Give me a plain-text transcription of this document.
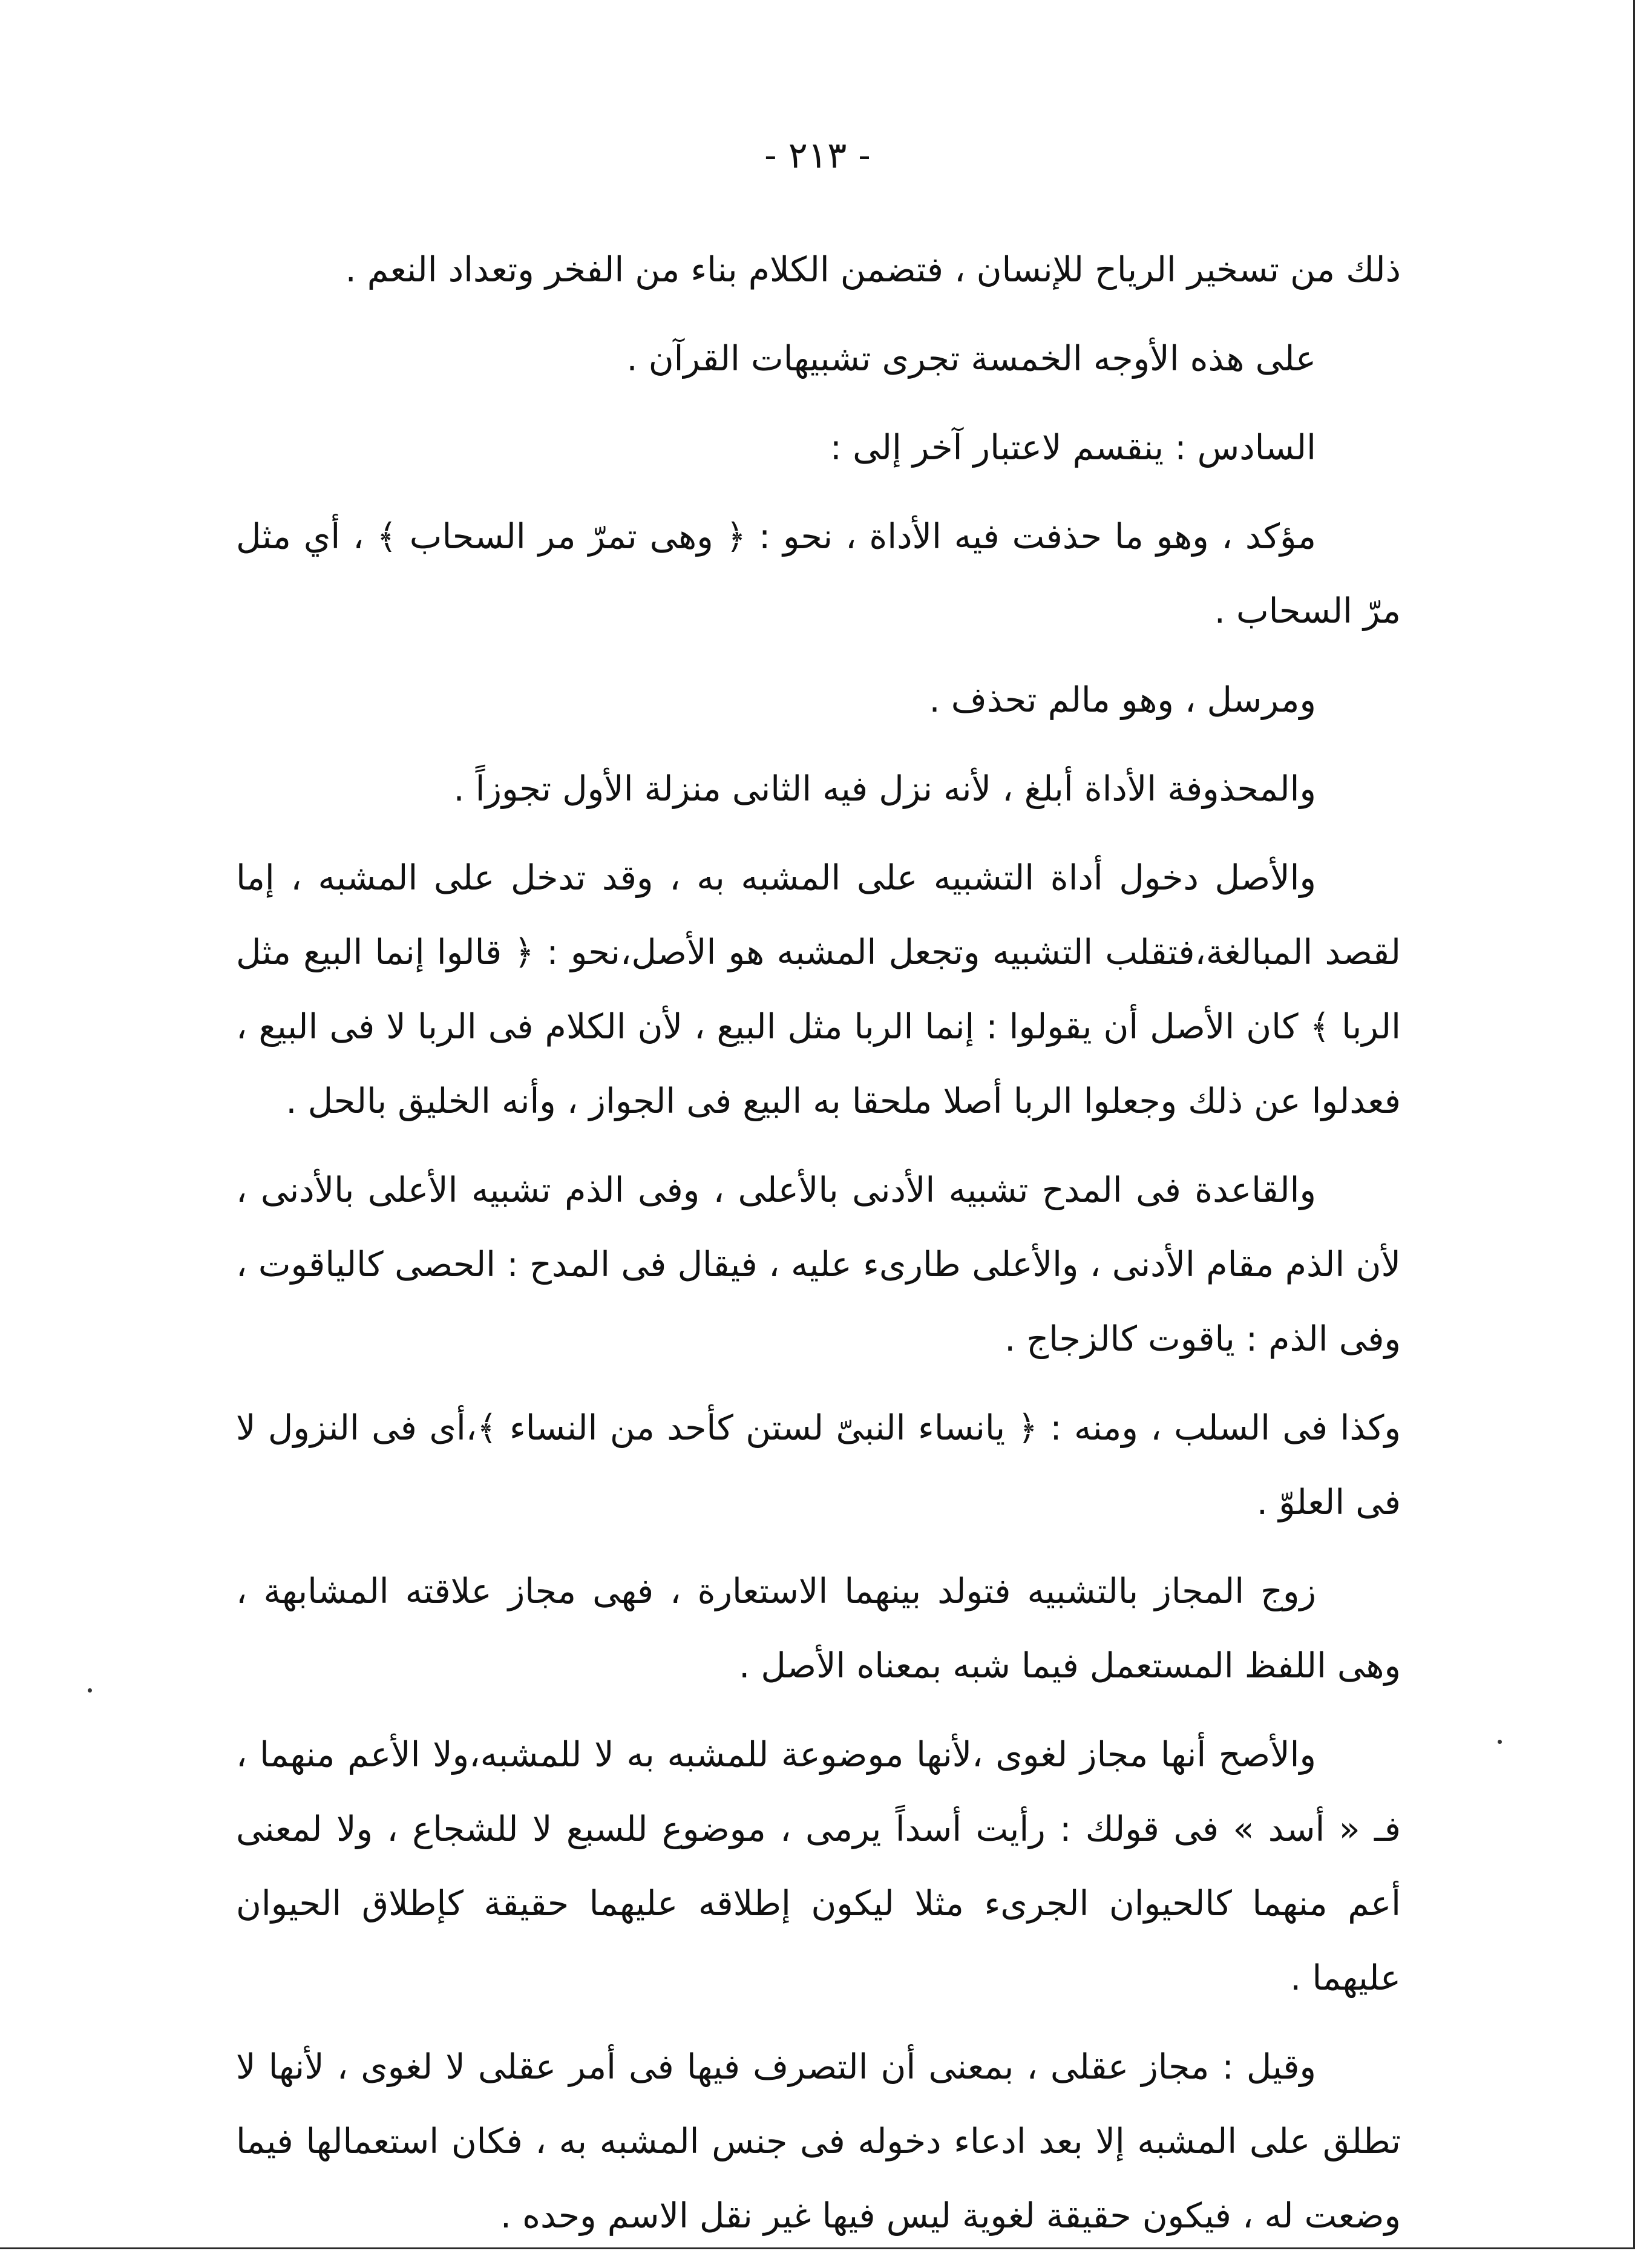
- ٢١٣ -

ذلك من تسخير الرياح للإنسان ، فتضمن الكلام بناء من الفخر وتعداد النعم .

على هذه الأوجه الخمسة تجرى تشبيهات القرآن .

السادس : ينقسم لاعتبار آخر إلى :

مؤكد ، وهو ما حذفت فيه الأداة ، نحو : ﴿ وهى تمرّ مر السحاب ﴾ ، أي مثل مرّ السحاب .

ومرسل ، وهو مالم تحذف .

والمحذوفة الأداة أبلغ ، لأنه نزل فيه الثانى منزلة الأول تجوزاً .

والأصل دخول أداة التشبيه على المشبه به ، وقد تدخل على المشبه ، إما لقصد المبالغة،فتقلب التشبيه وتجعل المشبه هو الأصل،نحو : ﴿ قالوا إنما البيع مثل الربا ﴾ كان الأصل أن يقولوا : إنما الربا مثل البيع ، لأن الكلام فى الربا لا فى البيع ، فعدلوا عن ذلك وجعلوا الربا أصلا ملحقا به البيع فى الجواز ، وأنه الخليق بالحل .

والقاعدة فى المدح تشبيه الأدنى بالأعلى ، وفى الذم تشبيه الأعلى بالأدنى ، لأن الذم مقام الأدنى ، والأعلى طارىء عليه ، فيقال فى المدح : الحصى كالياقوت ، وفى الذم : ياقوت كالزجاج .

وكذا فى السلب ، ومنه : ﴿ يانساء النبىّ لستن كأحد من النساء ﴾،أى فى النزول لا فى العلوّ .

زوج المجاز بالتشبيه فتولد بينهما الاستعارة ، فهى مجاز علاقته المشابهة ، وهى اللفظ المستعمل فيما شبه بمعناه الأصل .

والأصح أنها مجاز لغوى ،لأنها موضوعة للمشبه به لا للمشبه،ولا الأعم منهما ، فـ « أسد » فى قولك : رأيت أسداً يرمى ، موضوع للسبع لا للشجاع ، ولا لمعنى أعم منهما كالحيوان الجرىء مثلا ليكون إطلاقه عليهما حقيقة كإطلاق الحيوان عليهما .

وقيل : مجاز عقلى ، بمعنى أن التصرف فيها فى أمر عقلى لا لغوى ، لأنها لا تطلق على المشبه إلا بعد ادعاء دخوله فى جنس المشبه به ، فكان استعمالها فيما وضعت له ، فيكون حقيقة لغوية ليس فيها غير نقل الاسم وحده .
